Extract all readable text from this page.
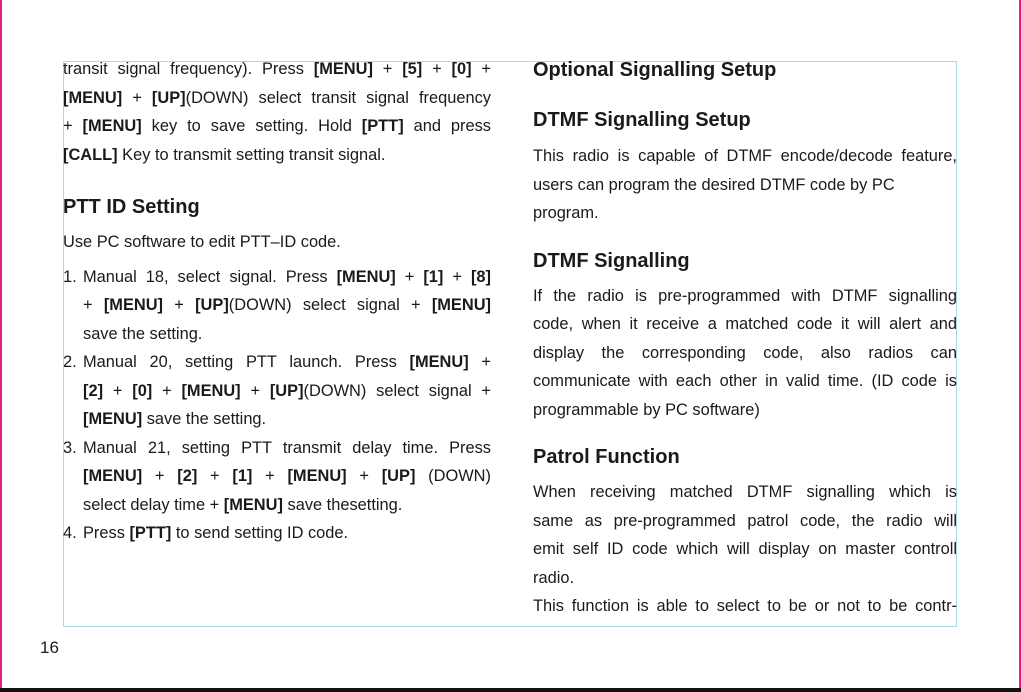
transit signal frequency). Press [MENU] + [5] + [0] +

[MENU] + [UP](DOWN) select transit signal frequency

+ [MENU] key to save setting. Hold [PTT] and press

[CALL] Key to transmit setting transit signal.

PTT ID Setting

Use PC software to edit PTT–ID code.

1. Manual 18, select signal. Press [MENU] + [1] + [8]

+ [MENU] + [UP](DOWN) select signal + [MENU]

save the setting.

2. Manual 20, setting PTT launch. Press [MENU] +

[2] + [0] + [MENU] + [UP](DOWN) select signal +

[MENU] save the setting.

3. Manual 21, setting PTT transmit delay time. Press

[MENU] + [2] + [1] + [MENU] + [UP] (DOWN)

select delay time + [MENU] save thesetting.

4. Press [PTT] to send setting ID code.

Optional Signalling Setup

DTMF Signalling Setup

This radio is capable of DTMF encode/decode feature,

users can program the desired DTMF code by PC

program.

DTMF Signalling

If the radio is pre-programmed with DTMF signalling

code, when it receive a matched code it will alert and

display the corresponding code, also radios can

communicate with each other in valid time. (ID code is

programmable by PC software)

Patrol Function

When receiving matched DTMF signalling which is

same as pre-programmed patrol code, the radio will

emit self ID code which will display on master controll

radio.

This function is able to select to be or not to be contr-

16
